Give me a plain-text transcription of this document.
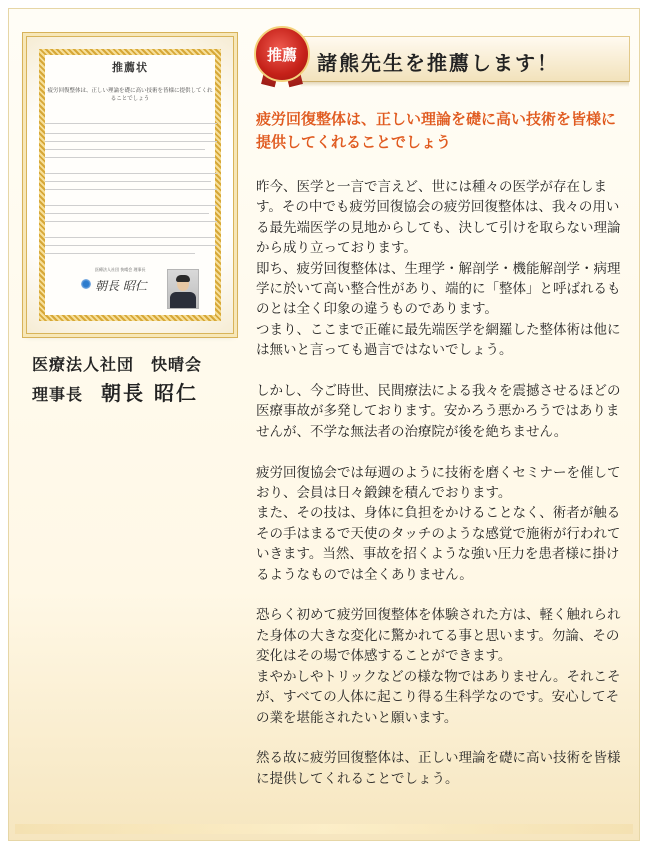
推薦状
疲労回復整体は、正しい理論を礎に高い技術を皆様に提供してくれることでしょう
医療法人社団 快晴会 理事長
朝長 昭仁
医療法人社団　快晴会
理事長 朝長 昭仁
諸熊先生を推薦します！
推薦
疲労回復整体は、正しい理論を礎に高い技術を皆様に提供してくれることでしょう

昨今、医学と一言で言えど、世には種々の医学が存在します。その中でも疲労回復協会の疲労回復整体は、我々の用いる最先端医学の見地からしても、決して引けを取らない理論から成り立っております。
即ち、疲労回復整体は、生理学・解剖学・機能解剖学・病理学に於いて高い整合性があり、端的に「整体」と呼ばれるものとは全く印象の違うものであります。
つまり、ここまで正確に最先端医学を網羅した整体術は他には無いと言っても過言ではないでしょう。

しかし、今ご時世、民間療法による我々を震撼させるほどの医療事故が多発しております。安かろう悪かろうではありませんが、不学な無法者の治療院が後を絶ちません。

疲労回復協会では毎週のように技術を磨くセミナーを催しており、会員は日々鍛錬を積んでおります。
また、その技は、身体に負担をかけることなく、術者が触るその手はまるで天使のタッチのような感覚で施術が行われていきます。当然、事故を招くような強い圧力を患者様に掛けるようなものでは全くありません。

恐らく初めて疲労回復整体を体験された方は、軽く触れられた身体の大きな変化に驚かれてる事と思います。勿論、その変化はその場で体感することができます。
まやかしやトリックなどの様な物ではありません。それこそが、すべての人体に起こり得る生科学なのです。安心してその業を堪能されたいと願います。

然る故に疲労回復整体は、正しい理論を礎に高い技術を皆様に提供してくれることでしょう。
